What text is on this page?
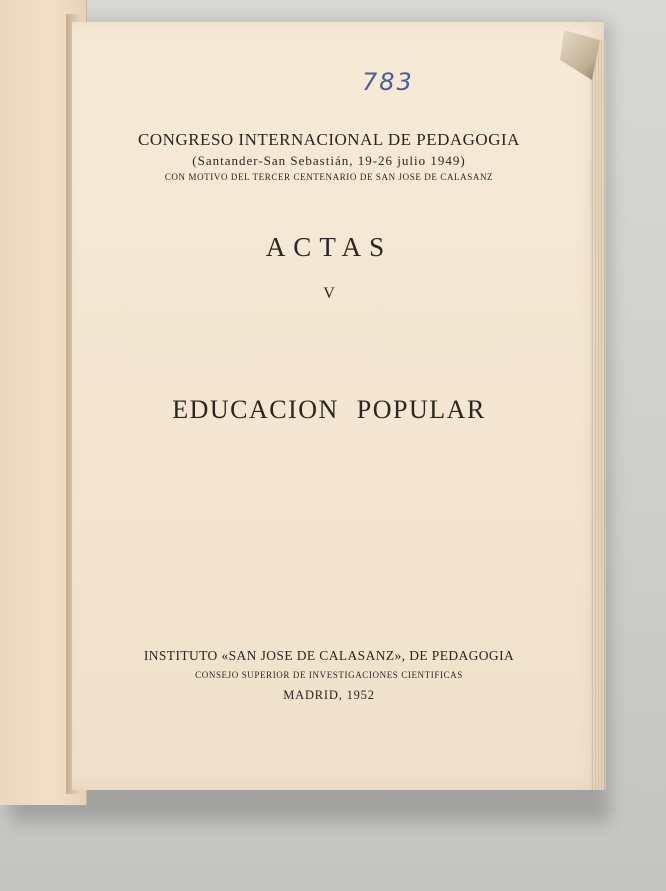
783
CONGRESO INTERNACIONAL DE PEDAGOGIA
(Santander-San Sebastián, 19-26 julio 1949)
CON MOTIVO DEL TERCER CENTENARIO DE SAN JOSE DE CALASANZ
ACTAS
V

EDUCACION POPULAR
INSTITUTO «SAN JOSE DE CALASANZ», DE PEDAGOGIA
CONSEJO SUPERIOR DE INVESTIGACIONES CIENTIFICAS
MADRID, 1952
